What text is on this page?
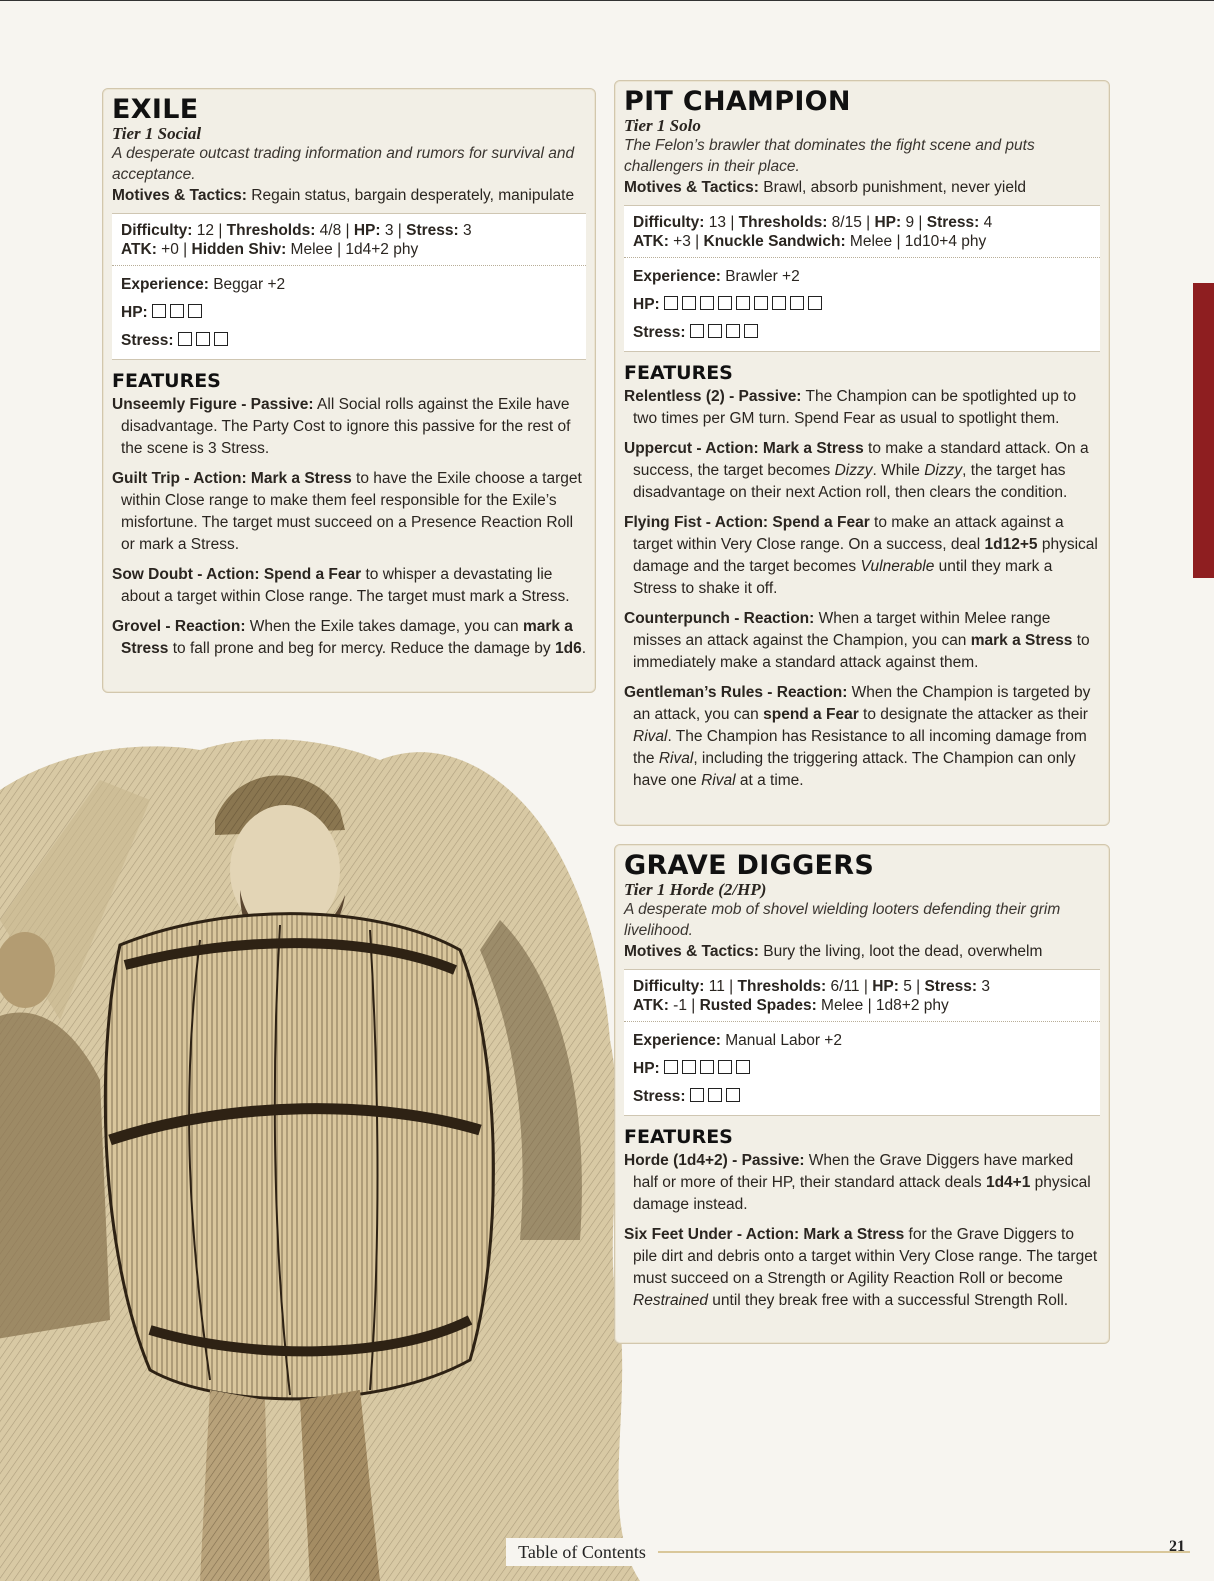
EXILE
Tier 1 Social
A desperate outcast trading information and rumors for survival and acceptance.
Motives & Tactics: Regain status, bargain desperately, manipulate
Difficulty: 12 | Thresholds: 4/8 | HP: 3 | Stress: 3
ATK: +0 | Hidden Shiv: Melee | 1d4+2 phy
Experience: Beggar +2
HP:
Stress:
FEATURES
Unseemly Figure - Passive: All Social rolls against the Exile have disadvantage. The Party Cost to ignore this passive for the rest of the scene is 3 Stress.
Guilt Trip - Action: Mark a Stress to have the Exile choose a target within Close range to make them feel responsible for the Exile’s misfortune. The target must succeed on a Presence Reaction Roll or mark a Stress.
Sow Doubt - Action: Spend a Fear to whisper a devastating lie about a target within Close range. The target must mark a Stress.
Grovel - Reaction: When the Exile takes damage, you can mark a Stress to fall prone and beg for mercy. Reduce the damage by 1d6.
PIT CHAMPION
Tier 1 Solo
The Felon’s brawler that dominates the fight scene and puts challengers in their place.
Motives & Tactics: Brawl, absorb punishment, never yield
Difficulty: 13 | Thresholds: 8/15 | HP: 9 | Stress: 4
ATK: +3 | Knuckle Sandwich: Melee | 1d10+4 phy
Experience: Brawler +2
HP:
Stress:
FEATURES
Relentless (2) - Passive: The Champion can be spotlighted up to two times per GM turn. Spend Fear as usual to spotlight them.
Uppercut - Action: Mark a Stress to make a standard attack. On a success, the target becomes Dizzy. While Dizzy, the target has disadvantage on their next Action roll, then clears the condition.
Flying Fist - Action: Spend a Fear to make an attack against a target within Very Close range. On a success, deal 1d12+5 physical damage and the target becomes Vulnerable until they mark a Stress to shake it off.
Counterpunch - Reaction: When a target within Melee range misses an attack against the Champion, you can mark a Stress to immediately make a standard attack against them.
Gentleman’s Rules - Reaction: When the Champion is targeted by an attack, you can spend a Fear to designate the attacker as their Rival. The Champion has Resistance to all incoming damage from the Rival, including the triggering attack. The Champion can only have one Rival at a time.
GRAVE DIGGERS
Tier 1 Horde (2/HP)
A desperate mob of shovel wielding looters defending their grim livelihood.
Motives & Tactics: Bury the living, loot the dead, overwhelm
Difficulty: 11 | Thresholds: 6/11 | HP: 5 | Stress: 3
ATK: -1 | Rusted Spades: Melee | 1d8+2 phy
Experience: Manual Labor +2
HP:
Stress:
FEATURES
Horde (1d4+2) - Passive: When the Grave Diggers have marked half or more of their HP, their standard attack deals 1d4+1 physical damage instead.
Six Feet Under - Action: Mark a Stress for the Grave Diggers to pile dirt and debris onto a target within Very Close range. The target must succeed on a Strength or Agility Reaction Roll or become Restrained until they break free with a successful Strength Roll.
Table of Contents	21
